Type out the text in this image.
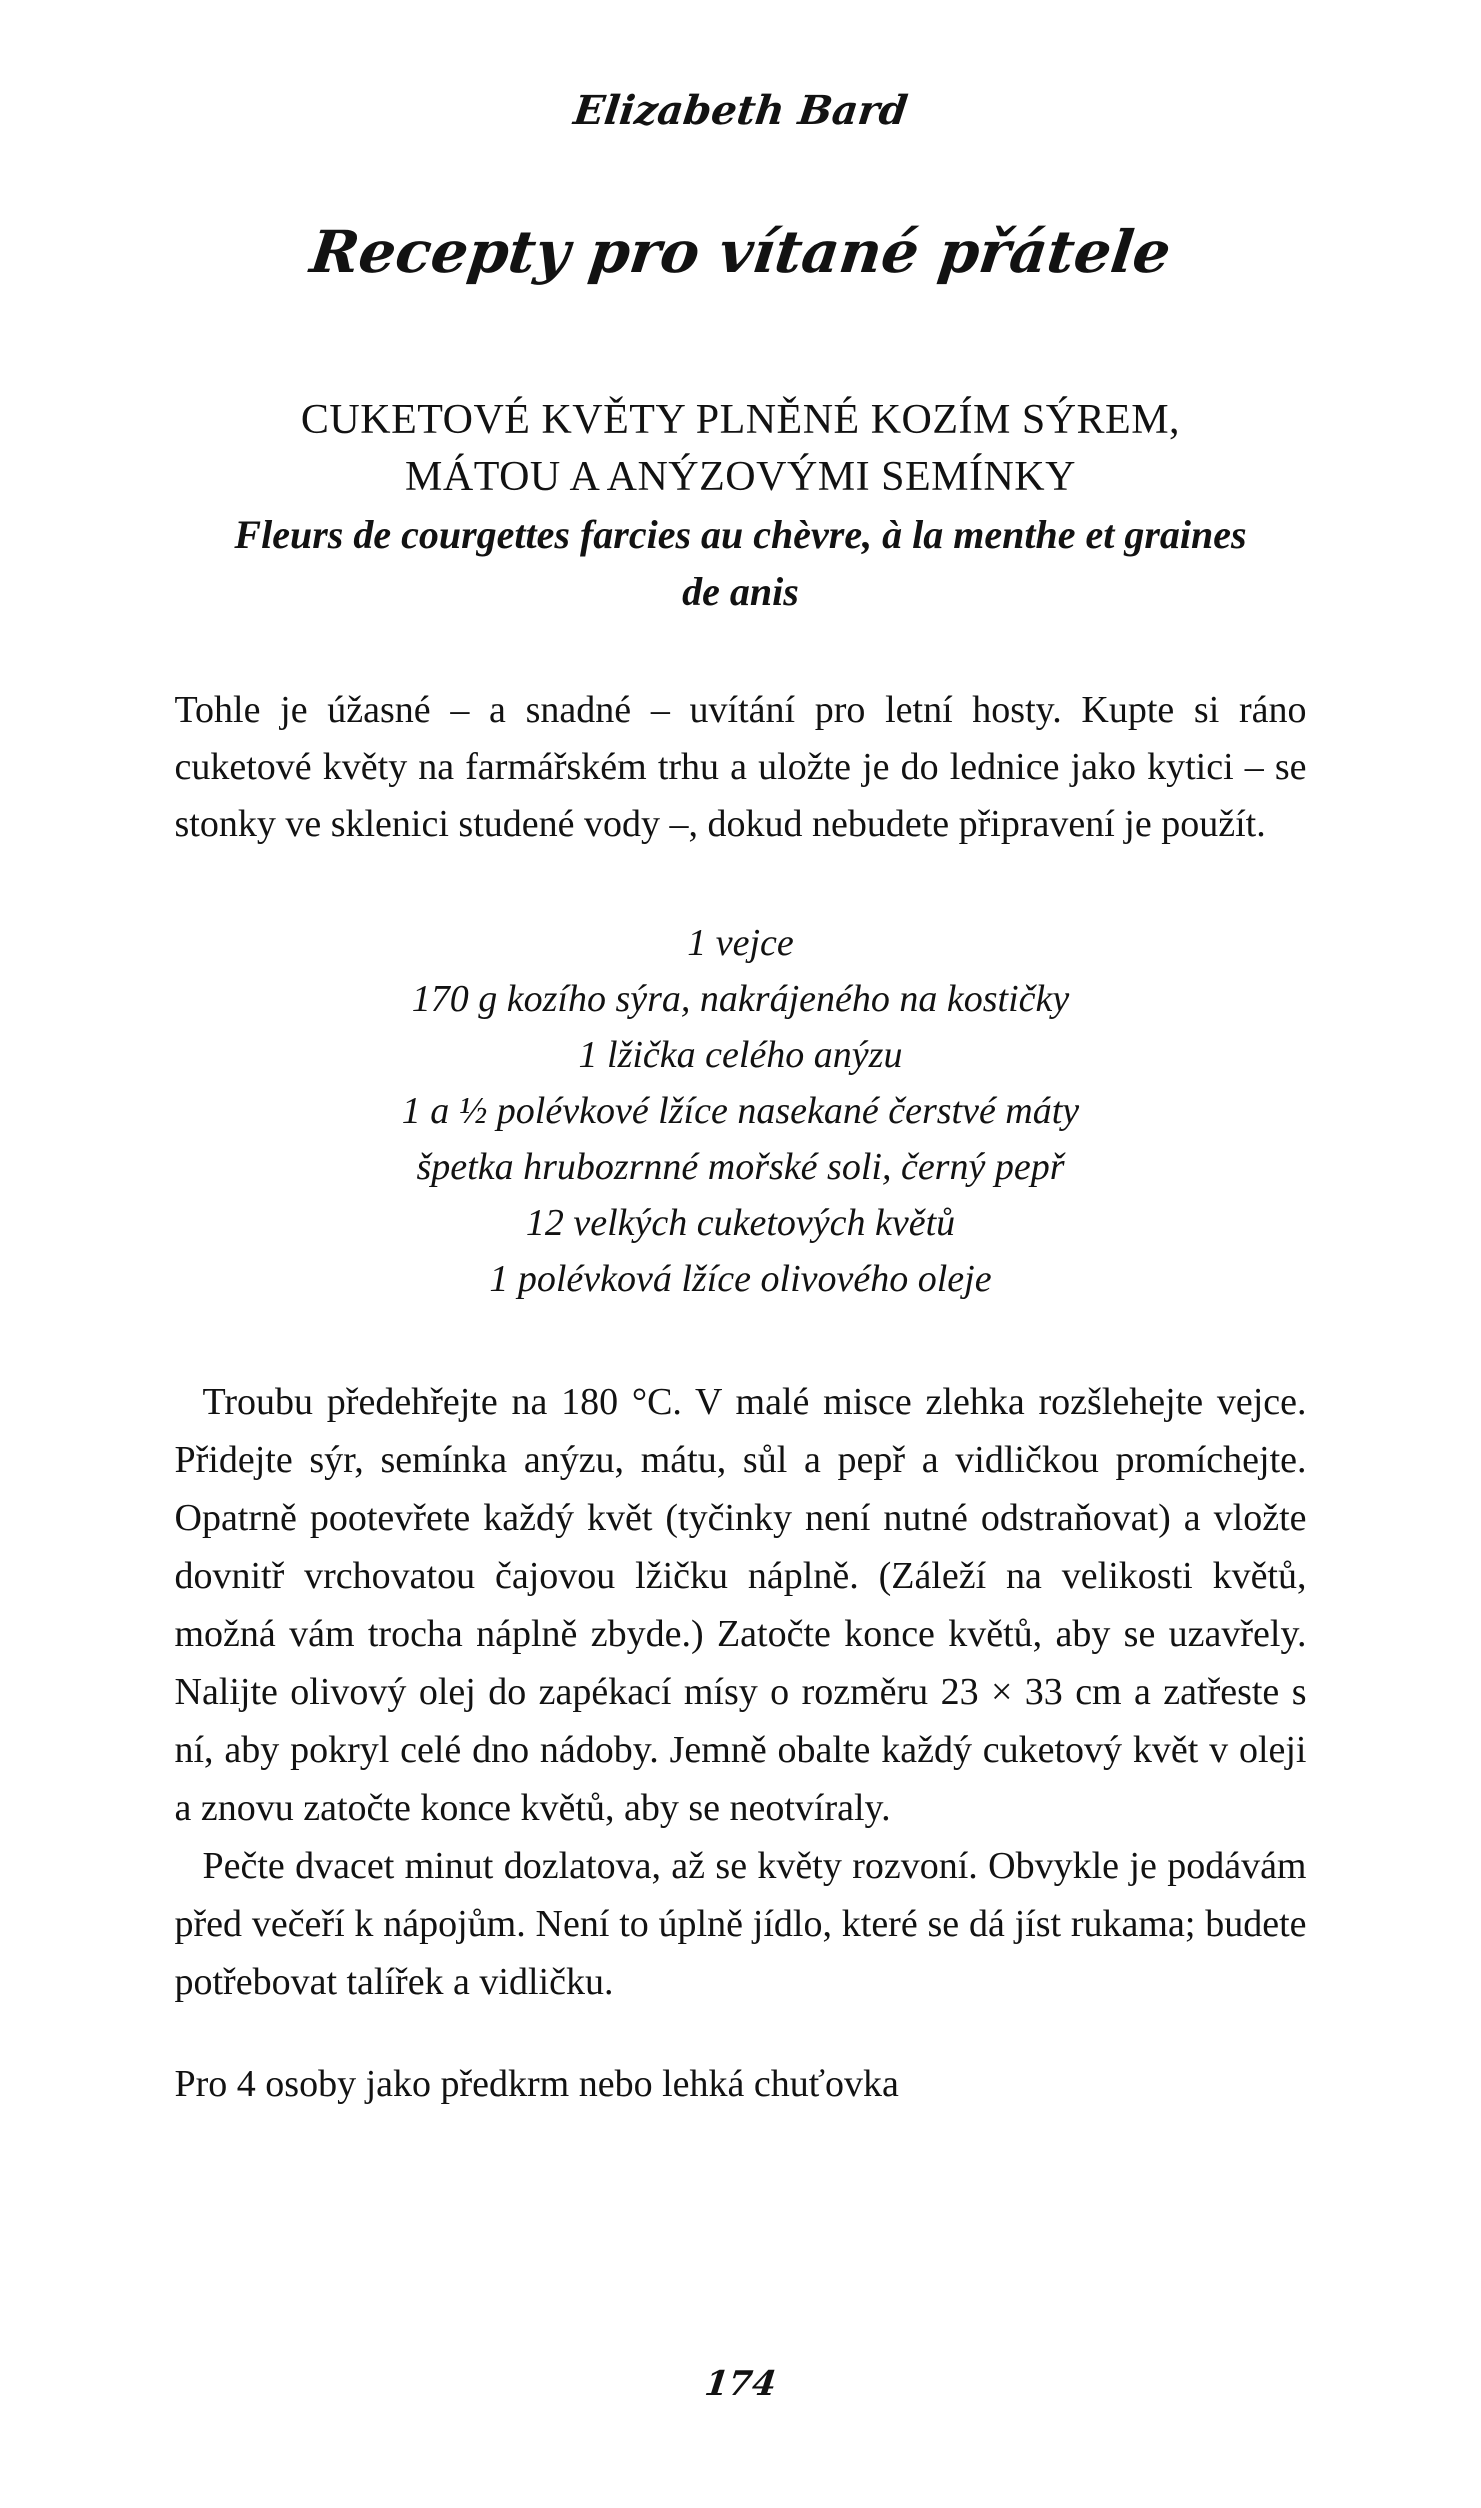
Elizabeth Bard
Recepty pro vítané přátele
CUKETOVÉ KVĚTY PLNĚNÉ KOZÍM SÝREM,
MÁTOU A ANÝZOVÝMI SEMÍNKY
Fleurs de courgettes farcies au chèvre, à la menthe et graines
de anis

Tohle je úžasné – a snadné – uvítání pro letní hosty. Kupte si ráno cuketové květy na farmářském trhu a uložte je do lednice jako kytici – se stonky ve sklenici studené vody –, dokud nebudete připravení je použít.

1 vejce
170 g kozího sýra, nakrájeného na kostičky
1 lžička celého anýzu
1 a ½ polévkové lžíce nasekané čerstvé máty
špetka hrubozrnné mořské soli, černý pepř
12 velkých cuketových květů
1 polévková lžíce olivového oleje

Troubu předehřejte na 180 °C. V malé misce zlehka rozšlehejte vejce. Přidejte sýr, semínka anýzu, mátu, sůl a pepř a vidličkou promíchejte. Opatrně pootevřete každý květ (tyčinky není nutné odstraňovat) a vložte dovnitř vrchovatou čajovou lžičku náplně. (Záleží na velikosti květů, možná vám trocha náplně zbyde.) Zatočte konce květů, aby se uzavřely. Nalijte olivový olej do zapékací mísy o rozměru 23 × 33 cm a zatřeste s ní, aby pokryl celé dno nádoby. Jemně obalte každý cuketový květ v oleji a znovu zatočte konce květů, aby se neotvíraly.

Pečte dvacet minut dozlatova, až se květy rozvoní. Obvykle je podávám před večeří k nápojům. Není to úplně jídlo, které se dá jíst rukama; budete potřebovat talířek a vidličku.

Pro 4 osoby jako předkrm nebo lehká chuťovka

174
